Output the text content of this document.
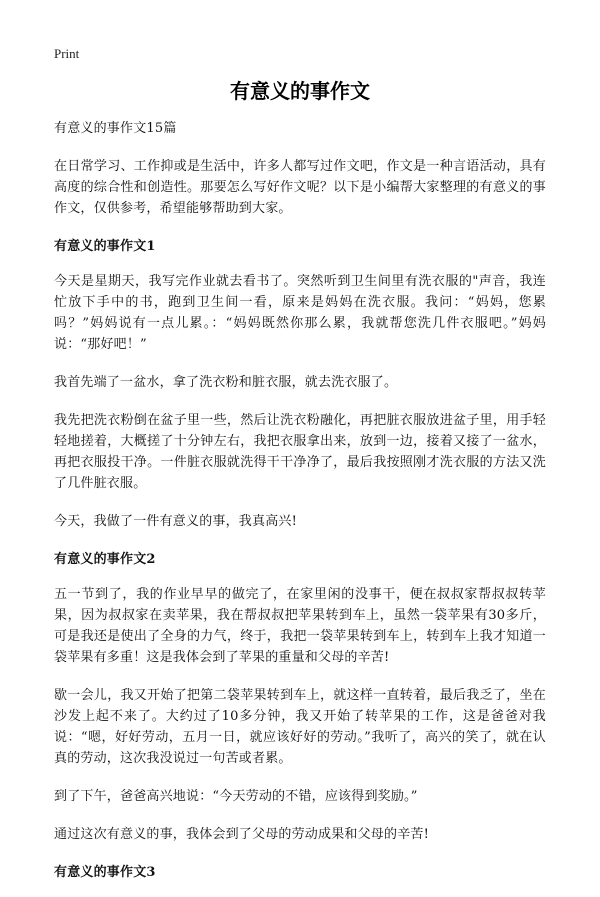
Print
有意义的事作文

有意义的事作文15篇

在日常学习、工作抑或是生活中，许多人都写过作文吧，作文是一种言语活动，具有高度的综合性和创造性。那要怎么写好作文呢？以下是小编帮大家整理的有意义的事作文，仅供参考，希望能够帮助到大家。

有意义的事作文1

今天是星期天，我写完作业就去看书了。突然听到卫生间里有洗衣服的"声音，我连忙放下手中的书，跑到卫生间一看，原来是妈妈在洗衣服。我问：“妈妈，您累吗？”妈妈说有一点儿累。：“妈妈既然你那么累，我就帮您洗几件衣服吧。”妈妈说：“那好吧！”

我首先端了一盆水，拿了洗衣粉和脏衣服，就去洗衣服了。

我先把洗衣粉倒在盆子里一些，然后让洗衣粉融化，再把脏衣服放进盆子里，用手轻轻地搓着，大概搓了十分钟左右，我把衣服拿出来，放到一边，接着又接了一盆水，再把衣服投干净。一件脏衣服就洗得干干净净了，最后我按照刚才洗衣服的方法又洗了几件脏衣服。

今天，我做了一件有意义的事，我真高兴!

有意义的事作文2

五一节到了，我的作业早早的做完了，在家里闲的没事干，便在叔叔家帮叔叔转苹果，因为叔叔家在卖苹果，我在帮叔叔把苹果转到车上，虽然一袋苹果有30多斤，可是我还是使出了全身的力气，终于，我把一袋苹果转到车上，转到车上我才知道一袋苹果有多重！这是我体会到了苹果的重量和父母的辛苦!

歇一会儿，我又开始了把第二袋苹果转到车上，就这样一直转着，最后我乏了，坐在沙发上起不来了。大约过了10多分钟，我又开始了转苹果的工作，这是爸爸对我说：“嗯，好好劳动，五月一日，就应该好好的劳动。”我听了，高兴的笑了，就在认真的劳动，这次我没说过一句苦或者累。

到了下午，爸爸高兴地说：“今天劳动的不错，应该得到奖励。”

通过这次有意义的事，我体会到了父母的劳动成果和父母的辛苦!

有意义的事作文3
